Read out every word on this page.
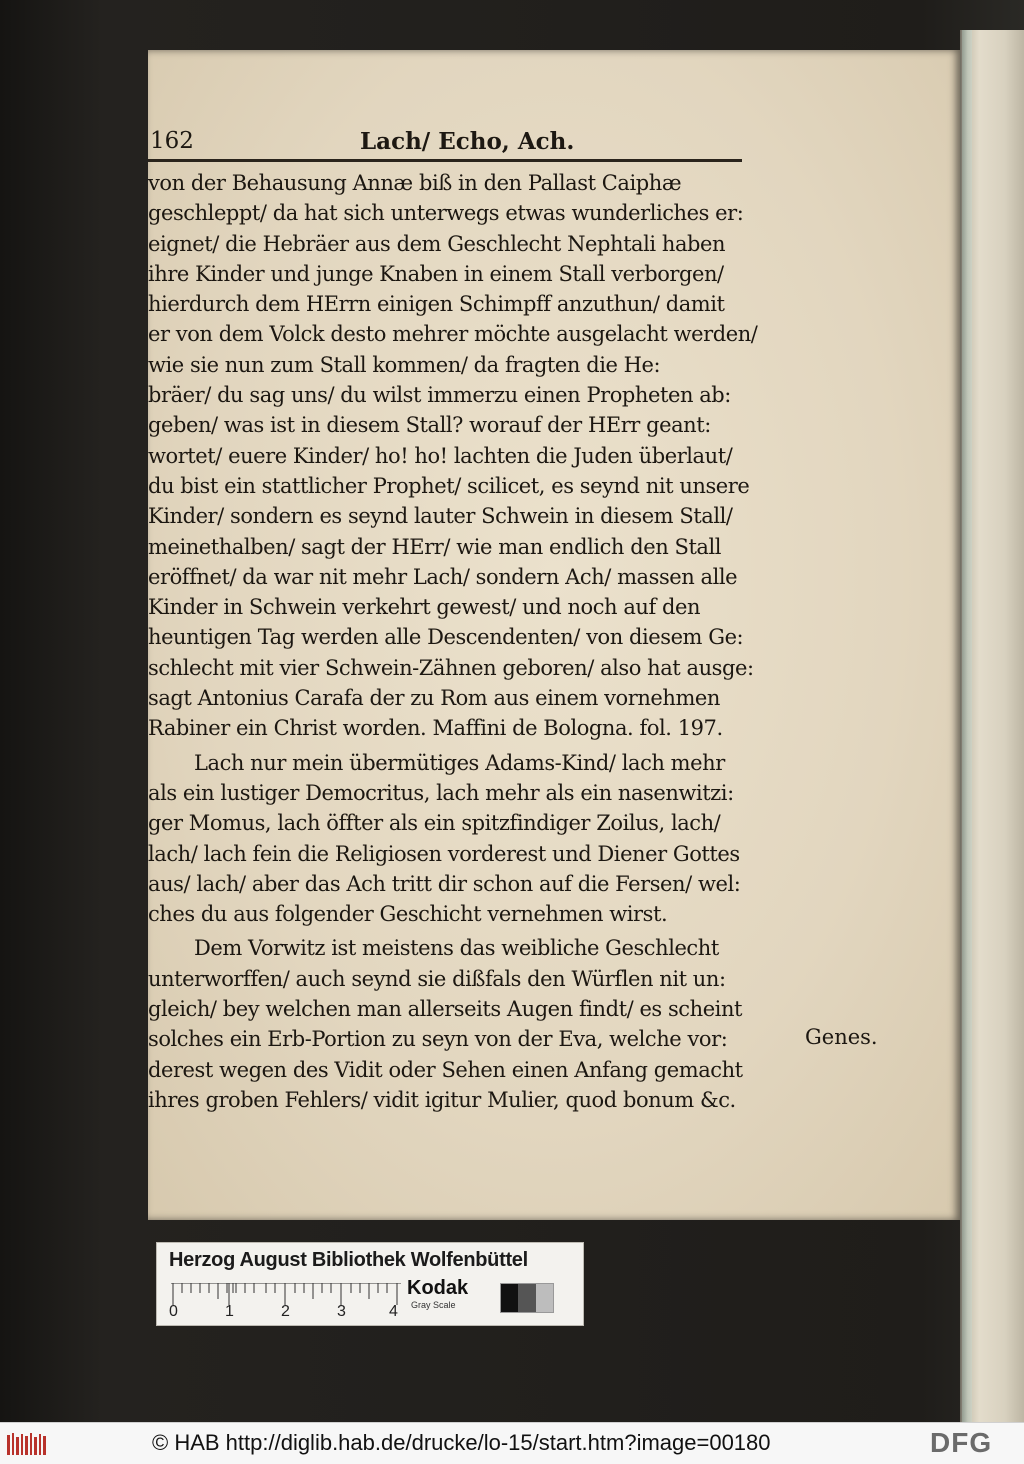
162	Lach/ Echo, Ach.
von der Behausung Annæ biß in den Pallast Caiphæ
geschleppt/ da hat sich unterwegs etwas wunderliches er:
eignet/ die Hebräer aus dem Geschlecht Nephtali haben
ihre Kinder und junge Knaben in einem Stall verborgen/
hierdurch dem HErrn einigen Schimpff anzuthun/ damit
er von dem Volck desto mehrer möchte ausgelacht werden/
wie sie nun zum Stall kommen/ da fragten die He:
bräer/ du sag uns/ du wilst immerzu einen Propheten ab:
geben/ was ist in diesem Stall? worauf der HErr geant:
wortet/ euere Kinder/ ho! ho! lachten die Juden überlaut/
du bist ein stattlicher Prophet/ scilicet, es seynd nit unsere
Kinder/ sondern es seynd lauter Schwein in diesem Stall/
meinethalben/ sagt der HErr/ wie man endlich den Stall
eröffnet/ da war nit mehr Lach/ sondern Ach/ massen alle
Kinder in Schwein verkehrt gewest/ und noch auf den
heuntigen Tag werden alle Descendenten/ von diesem Ge:
schlecht mit vier Schwein-Zähnen geboren/ also hat ausge:
sagt Antonius Carafa der zu Rom aus einem vornehmen
Rabiner ein Christ worden. Maffini de Bologna. fol. 197.
Lach nur mein übermütiges Adams-Kind/ lach mehr
als ein lustiger Democritus, lach mehr als ein nasenwitzi:
ger Momus, lach öffter als ein spitzfindiger Zoilus, lach/
lach/ lach fein die Religiosen vorderest und Diener Gottes
aus/ lach/ aber das Ach tritt dir schon auf die Fersen/ wel:
ches du aus folgender Geschicht vernehmen wirst.
Dem Vorwitz ist meistens das weibliche Geschlecht
unterworffen/ auch seynd sie dißfals den Würflen nit un:
gleich/ bey welchen man allerseits Augen findt/ es scheint
solches ein Erb-Portion zu seyn von der Eva, welche vor:
derest wegen des Vidit oder Sehen einen Anfang gemacht
ihres groben Fehlers/ vidit igitur Mulier, quod bonum &c.
Genes.
Herzog August Bibliothek Wolfenbüttel
0	1	2	3	4
Kodak
Gray Scale
© HAB http://diglib.hab.de/drucke/lo-15/start.htm?image=00180	DFG
